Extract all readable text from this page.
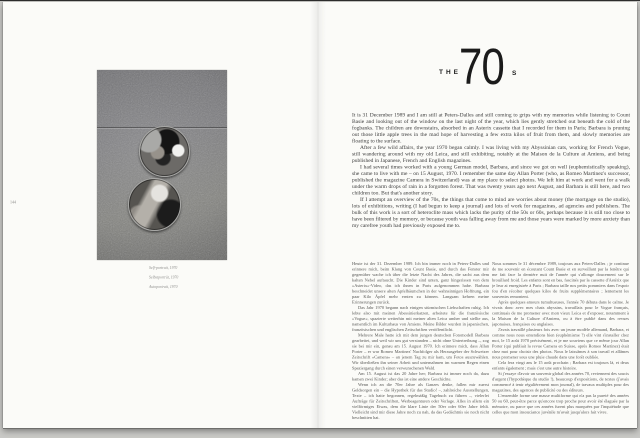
144

Self-portrait, 1970

Selbstporträt, 1970

Autoportrait, 1970

THE
70	S

It is 31 December 1989 and I am still at Peters-Dalles and still coming to grips with my memories while listening to Count Basie and looking out of the window on the last night of the year, which lies gently stretched out beneath the cold of the fogbanks. The children are downstairs, absorbed in an Asterix cassette that I recorded for them in Paris; Barbara is pruning out those little apple trees in the mad hope of harvesting a few extra kilos of fruit from them, and slowly memories are floating to the surface.

After a few wild affairs, the year 1970 began calmly. I was living with my Abyssinian cats, working for French Vogue, still wandering around with my old Leica, and still exhibiting, notably at the Maison de la Culture at Amiens, and being published in Japanese, French and English magazines.

I had several times worked with a young German model, Barbara, and since we got on well (euphemistically speaking), she came to live with me – on 15 August, 1970. I remember the same day Allan Porter (who, as Romeo Martinez's successor, published the magazine Camera in Switzerland) was at my place to select photos. We left him at work and went for a walk under the warm drops of rain in a forgotten forest. That was twenty years ago next August, and Barbara is still here, and two children too. But that's another story.

If I attempt an overview of the 70s, the things that come to mind are worries about money (the mortgage on the studio), lots of exhibitions, writing (I had begun to keep a journal) and lots of work for magazines, ad agencies and publishers. The bulk of this work is a sort of heteroclite mass which lacks the purity of the 50s or 60s, perhaps because it is still too close to have been filtered by memory, or because youth was falling away from me and those years were marked by more anxiety than my carefree youth had previously exposed me to.

Heute ist der 31. Dezember 1989. Ich bin immer noch in Peters-Dalles und erinnere mich, beim Klang von Count Basie, und durch das Fenster mir gegenüber wache ich über die letzte Nacht des Jahres, die sacht aus dem kalten Nebel auftaucht. Die Kinder sind unten, ganz hingerissen von dem »Asterix«-Video, das ich ihnen in Paris aufgenommen habe. Barbara beschneidet unsere alten Apfelbäumchen in der wahnsinnigen Hoffnung, ein paar Kilo Äpfel mehr ernten zu können. Langsam kehren meine Erinnerungen zurück.

Das Jahr 1970 begann nach einigen stürmischen Liebschaften ruhig. Ich lebte also mit meinen Abessinierkatzen, arbeitete für die französische »Vogue«, spazierte weiterhin mit meiner alten Leica umher und stellte aus, namentlich im Kulturhaus von Amiens. Meine Bilder wurden in japanischen, französischen und englischen Zeitschriften veröffentlicht.

Mehrere Male hatte ich mit dem jungen deutschen Fotomodell Barbara gearbeitet, und weil wir uns gut verstanden – nicht ohne Untertreibung –, zog sie bei mir ein, genau am 15. August 1970. Ich erinnere mich, dass Allan Porter – er war Romeo Martinez' Nachfolger als Herausgeber der Schweizer Zeitschrift »Camera« – an jenem Tag zu mir kam, um Fotos auszuwählen. Wir überließen ihn seiner Arbeit und unternahmen im warmen Regen einen Spaziergang durch einen verwunschenen Wald.

Am 15. August ist das 20 Jahre her; Barbara ist immer noch da, dazu kamen zwei Kinder; aber das ist eine andere Geschichte.

Wenn ich an die 70er Jahre als Ganzes denke, fallen mir zuerst Geldsorgen ein – die Hypothek für das Studio! –, zahlreiche Ausstellungen, Texte – ich hatte begonnen, regelmäßig Tagebuch zu führen –, vielerlei Aufträge für Zeitschriften, Werbeagenturen oder Verlage. Alles in allem ein vielförmiges Etwas, dem die klare Linie der 50er oder 60er Jahre fehlt. Vielleicht sind mir diese Jahre noch zu nah, da das Gedächtnis sie noch nicht beschnitten hat.

Nous sommes le 31 décembre 1989, toujours aux Peters-Dalles ; je continue de me souvenir en écoutant Count Basie et en surveillant par la fenêtre qui me fait face la dernière nuit de l'année qui s'allonge doucement sur le brouillard froid. Les enfants sont en bas, fascinés par la cassette d'Astérix que je leur ai enregistrée à Paris ; Barbara taille nos petits pommiers dans l'espoir fou d'en récolter quelques kilos de fruits supplémentaires ; lentement les souvenirs remontent.

Après quelques amours tumultueuses, l'année 70 débuta dans le calme. Je vivais donc avec mes chats abyssins, travaillais pour le Vogue français, continuais de me promener avec mon vieux Leica et d'exposer, notamment à la Maison de la Culture d'Amiens, ou à être publié dans des revues japonaises, françaises ou anglaises.

J'avais travaillé plusieurs fois avec un jeune modèle allemand, Barbara, et comme nous nous entendions bien (euphémisme ?) elle vint s'installer chez moi, le 15 août 1970 précisément, et je me souviens que ce même jour Allan Porter (qui publiait la revue Camera en Suisse, après Romeo Martinez) était chez moi pour choisir des photos. Nous le laissâmes à son travail et allâmes nous promener sous une pluie chaude dans une forêt oubliée.

Cela fera vingt ans le 15 août prochain ; Barbara est toujours là, et deux enfants également ; mais c'est une autre histoire.

Si j'essaye d'avoir un souvenir global des années 70, reviennent des soucis d'argent (l'hypothèque du studio !), beaucoup d'expositions, de textes (j'avais commencé à tenir régulièrement mon journal), de travaux multiples pour des magazines, des agences de publicité ou des éditeurs.

L'ensemble forme une masse multiforme qui n'a pas la pureté des années 50 ou 60, peut-être parce qu'encore trop proche pour avoir été élaguée par la mémoire, ou parce que ces années furent plus marquées par l'inquiétude que celles que mon insouciance juvénile m'avait jusqu'alors fait vivre.
